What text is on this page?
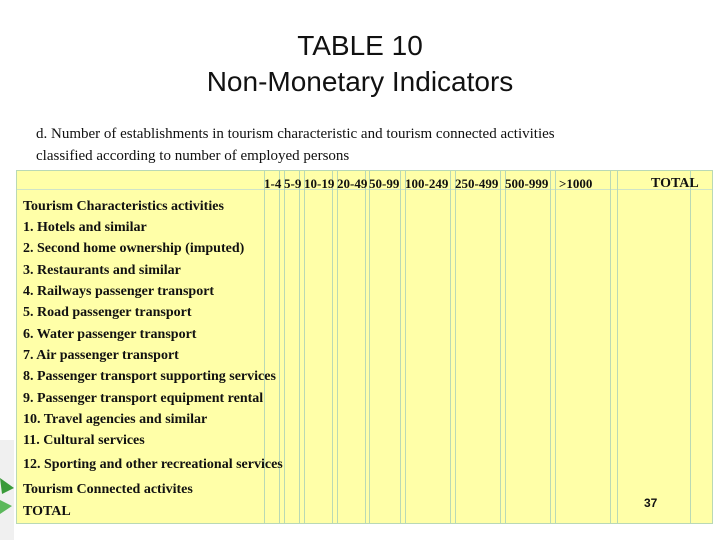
TABLE 10
Non-Monetary Indicators
d. Number of establishments in tourism characteristic and tourism connected activities
classified according to number of employed persons
1-4 5-9 10-19 20-49 50-99 100-249 250-499 500-999 >1000	TOTAL
Tourism Characteristics activities
1. Hotels and similar
2. Second home ownership (imputed)
3. Restaurants and similar
4. Railways passenger transport
5. Road passenger transport
6. Water passenger transport
7. Air passenger transport
8. Passenger transport supporting services
9. Passenger transport equipment rental
10. Travel agencies and similar
11. Cultural services
12. Sporting and other recreational services
Tourism Connected activites
TOTAL
37
